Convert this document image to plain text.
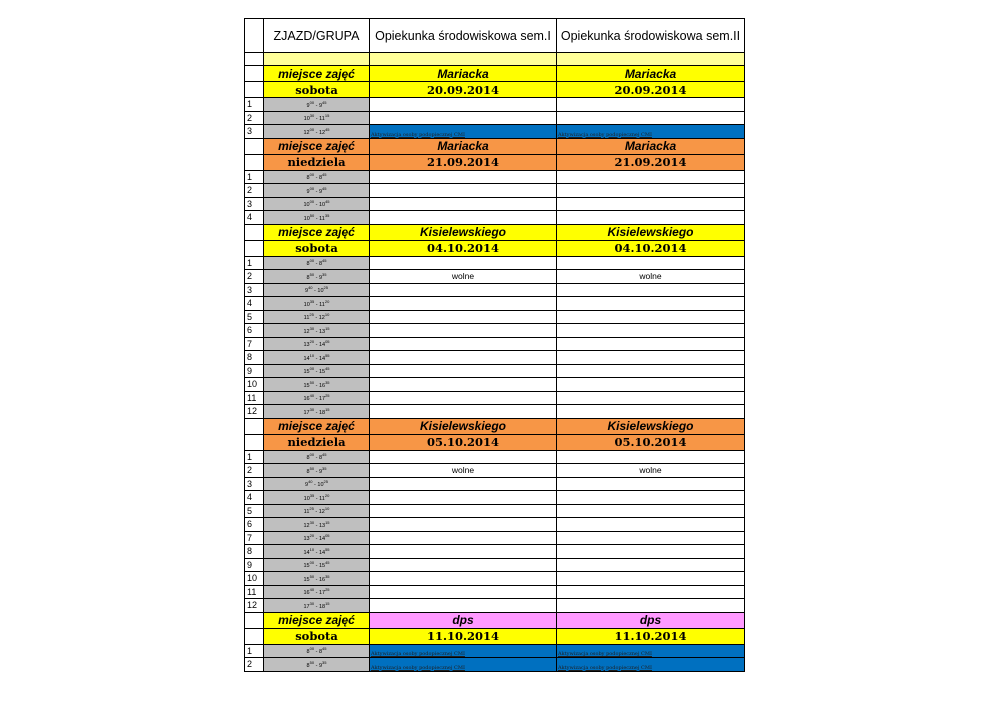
	ZJAZD/GRUPA	Opiekunka środowiskowa sem.I	Opiekunka środowiskowa sem.II

	miejsce zajęć	Mariacka	Mariacka
	sobota	20.09.2014	20.09.2014
1	$9^{00} - 9^{45}$		
2	$10^{30} - 11^{15}$		
3	$12^{00} - 12^{45}$	Aktywizacja osoby podopiecznej CMI	Aktywizacja osoby podopiecznej CMI
	miejsce zajęć	Mariacka	Mariacka
	niedziela	21.09.2014	21.09.2014
1	$8^{00} - 8^{45}$		
2	$9^{00} - 9^{45}$		
3	$10^{00} - 10^{45}$		
4	$10^{50} - 11^{35}$		
	miejsce zajęć	Kisielewskiego	Kisielewskiego
	sobota	04.10.2014	04.10.2014
1	$8^{00} - 8^{45}$		
2	$8^{50} - 9^{35}$	wolne	wolne
3	$9^{40} - 10^{25}$		
4	$10^{35} - 11^{20}$		
5	$11^{25} - 12^{10}$		
6	$12^{30} - 13^{15}$		
7	$13^{20} - 14^{05}$		
8	$14^{10} - 14^{55}$		
9	$15^{00} - 15^{45}$		
10	$15^{50} - 16^{35}$		
11	$16^{40} - 17^{25}$		
12	$17^{30} - 18^{15}$		
	miejsce zajęć	Kisielewskiego	Kisielewskiego
	niedziela	05.10.2014	05.10.2014
1	$8^{00} - 8^{45}$		
2	$8^{50} - 9^{35}$	wolne	wolne
3	$9^{40} - 10^{25}$		
4	$10^{35} - 11^{20}$		
5	$11^{25} - 12^{10}$		
6	$12^{30} - 13^{15}$		
7	$13^{20} - 14^{05}$		
8	$14^{10} - 14^{55}$		
9	$15^{00} - 15^{45}$		
10	$15^{50} - 16^{35}$		
11	$16^{40} - 17^{25}$		
12	$17^{30} - 18^{15}$		
	miejsce zajęć	dps	dps
	sobota	11.10.2014	11.10.2014
1	$8^{00} - 8^{45}$	Aktywizacja osoby podopiecznej CMI	Aktywizacja osoby podopiecznej CMI
2	$8^{50} - 9^{35}$	Aktywizacja osoby podopiecznej CMI	Aktywizacja osoby podopiecznej CMI
